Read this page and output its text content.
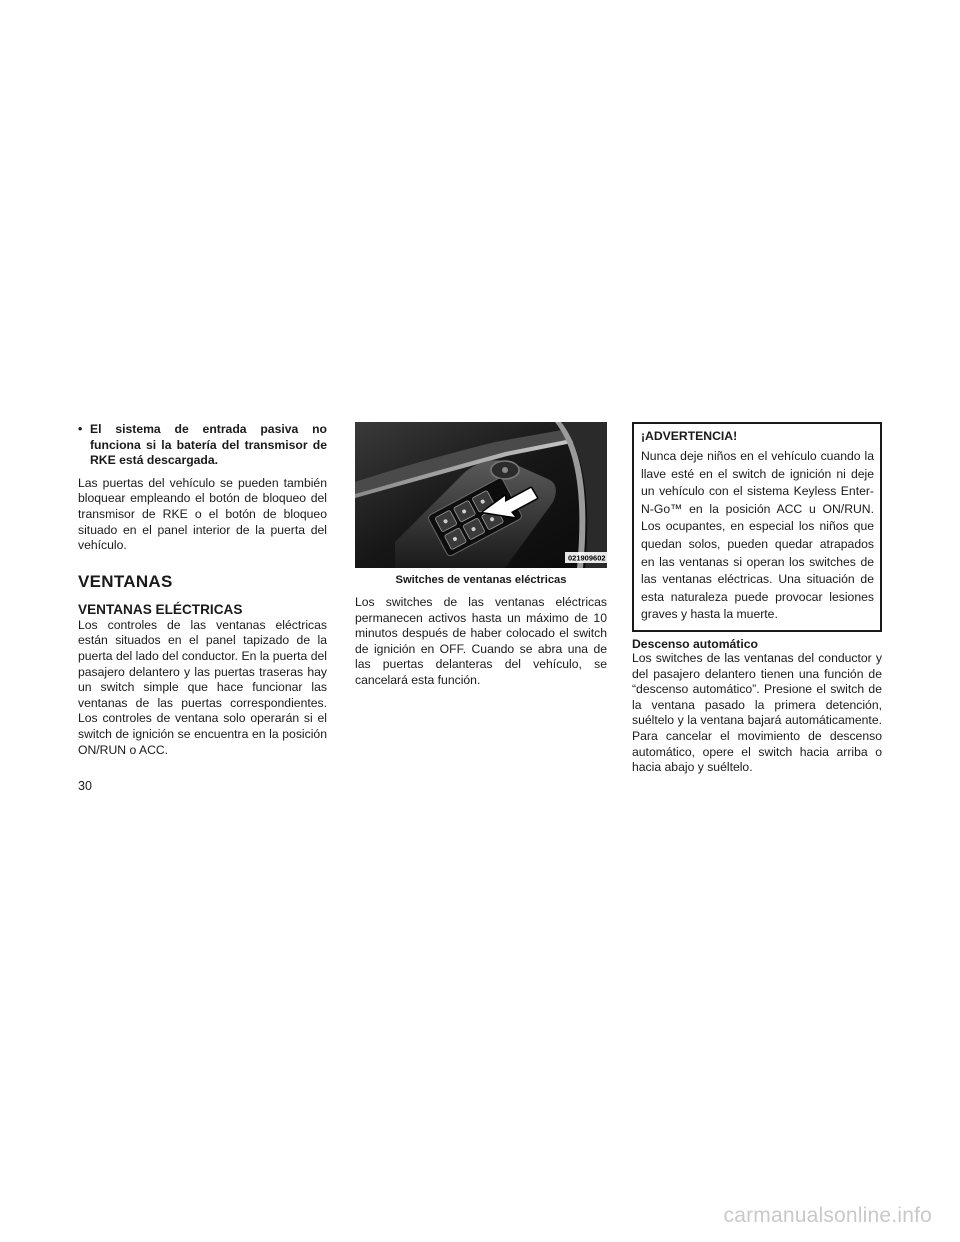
• El sistema de entrada pasiva no funciona si la batería del transmisor de RKE está descargada.

Las puertas del vehículo se pueden también bloquear empleando el botón de bloqueo del transmisor de RKE o el botón de bloqueo situado en el panel interior de la puerta del vehículo.

VENTANAS
VENTANAS ELÉCTRICAS

Los controles de las ventanas eléctricas están situados en el panel tapizado de la puerta del lado del conductor. En la puerta del pasajero delantero y las puertas traseras hay un switch simple que hace funcionar las ventanas de las puertas correspondientes. Los controles de ventana solo operarán si el switch de ignición se encuentra en la posición ON/RUN o ACC.

021909602
Switches de ventanas eléctricas

Los switches de las ventanas eléctricas permanecen activos hasta un máximo de 10 minutos después de haber colocado el switch de ignición en OFF. Cuando se abra una de las puertas delanteras del vehículo, se cancelará esta función.

¡ADVERTENCIA!
Nunca deje niños en el vehículo cuando la llave esté en el switch de ignición ni deje un vehículo con el sistema Keyless Enter-N-Go™ en la posición ACC u ON/RUN. Los ocupantes, en especial los niños que quedan solos, pueden quedar atrapados en las ventanas si operan los switches de las ventanas eléctricas. Una situación de esta naturaleza puede provocar lesiones graves y hasta la muerte.
Descenso automático

Los switches de las ventanas del conductor y del pasajero delantero tienen una función de “descenso automático”. Presione el switch de la ventana pasado la primera detención, suéltelo y la ventana bajará automáticamente. Para cancelar el movimiento de descenso automático, opere el switch hacia arriba o hacia abajo y suéltelo.

30
carmanualsonline.info
